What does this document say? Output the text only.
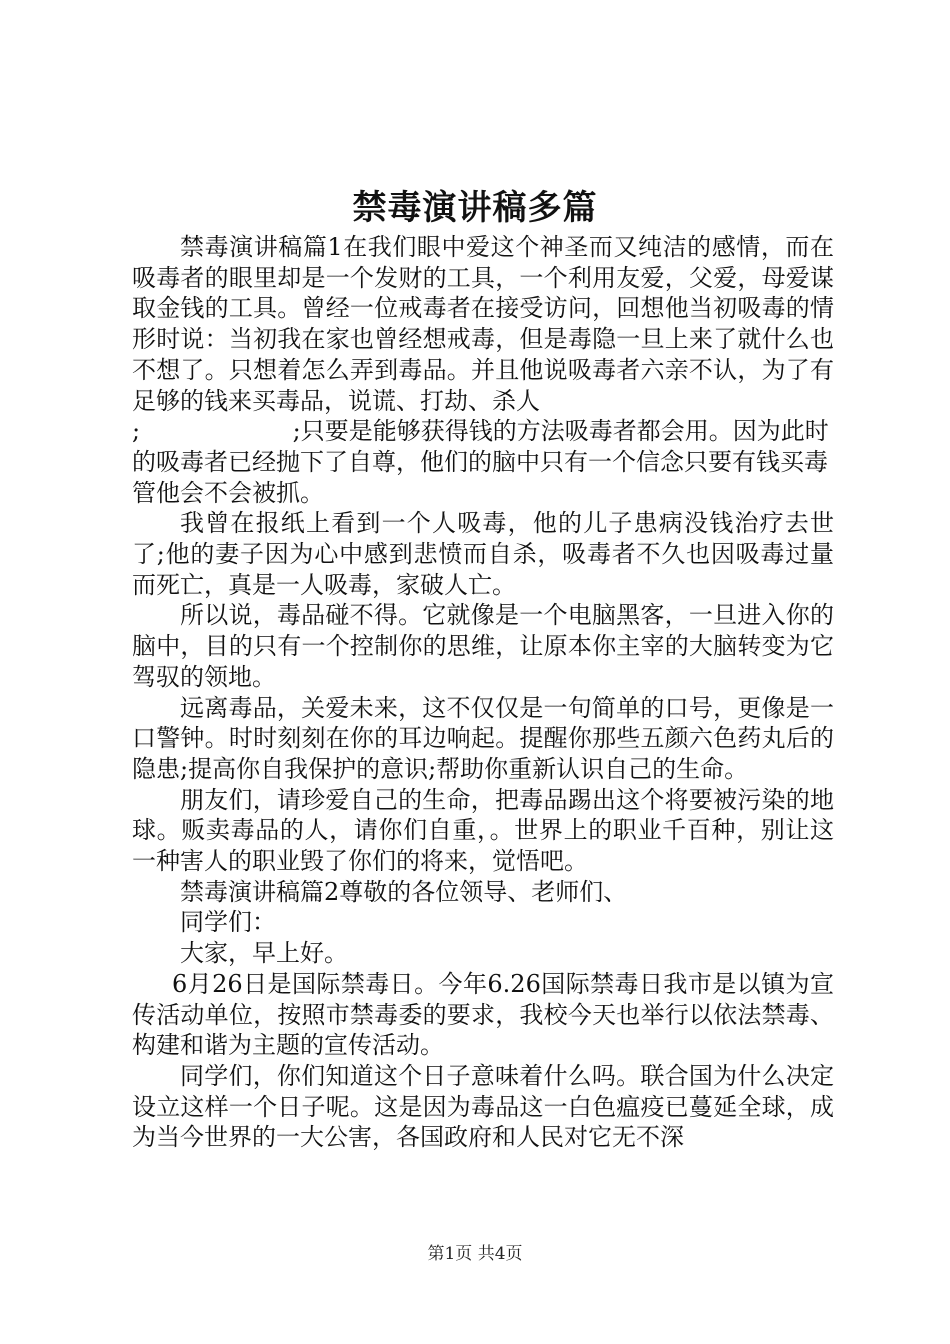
禁毒演讲稿多篇

禁毒演讲稿篇1在我们眼中爱这个神圣而又纯洁的感情，而在吸毒者的眼里却是一个发财的工具，一个利用友爱，父爱，母爱谋取金钱的工具。曾经一位戒毒者在接受访问，回想他当初吸毒的情形时说：当初我在家也曾经想戒毒，但是毒隐一旦上来了就什么也不想了。只想着怎么弄到毒品。并且他说吸毒者六亲不认，为了有足够的钱来买毒品，说谎、打劫、杀人

;                    ;只要是能够获得钱的方法吸毒者都会用。因为此时的吸毒者已经抛下了自尊，他们的脑中只有一个信念只要有钱买毒管他会不会被抓。

我曾在报纸上看到一个人吸毒，他的儿子患病没钱治疗去世了;他的妻子因为心中感到悲愤而自杀，吸毒者不久也因吸毒过量而死亡，真是一人吸毒，家破人亡。

所以说，毒品碰不得。它就像是一个电脑黑客，一旦进入你的脑中，目的只有一个控制你的思维，让原本你主宰的大脑转变为它驾驭的领地。

远离毒品，关爱未来，这不仅仅是一句简单的口号，更像是一口警钟。时时刻刻在你的耳边响起。提醒你那些五颜六色药丸后的隐患;提高你自我保护的意识;帮助你重新认识自己的生命。

朋友们，请珍爱自己的生命，把毒品踢出这个将要被污染的地球。贩卖毒品的人，请你们自重，。世界上的职业千百种，别让这一种害人的职业毁了你们的将来，觉悟吧。

禁毒演讲稿篇2尊敬的各位领导、老师们、

同学们：

大家，早上好。

6月26日是国际禁毒日。今年6.26国际禁毒日我市是以镇为宣传活动单位，按照市禁毒委的要求，我校今天也举行以依法禁毒、构建和谐为主题的宣传活动。

同学们，你们知道这个日子意味着什么吗。联合国为什么决定设立这样一个日子呢。这是因为毒品这一白色瘟疫已蔓延全球，成为当今世界的一大公害，各国政府和人民对它无不深

第1页 共4页
